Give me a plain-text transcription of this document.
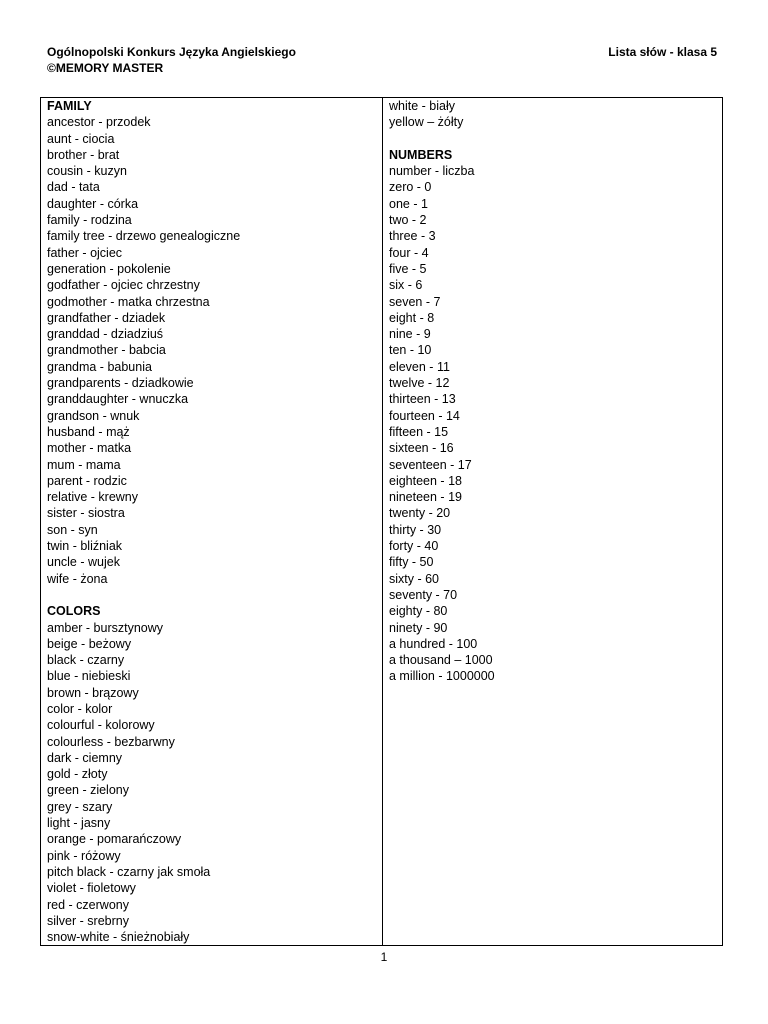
Ogólnopolski Konkurs Języka Angielskiego
©MEMORY MASTER
Lista słów - klasa 5
FAMILY
ancestor - przodek
aunt - ciocia
brother - brat
cousin - kuzyn
dad - tata
daughter - córka
family - rodzina
family tree - drzewo genealogiczne
father - ojciec
generation - pokolenie
godfather - ojciec chrzestny
godmother - matka chrzestna
grandfather - dziadek
granddad - dziadziuś
grandmother - babcia
grandma - babunia
grandparents - dziadkowie
granddaughter - wnuczka
grandson - wnuk
husband - mąż
mother - matka
mum - mama
parent - rodzic
relative - krewny
sister - siostra
son - syn
twin - bliźniak
uncle - wujek
wife - żona
COLORS
amber - bursztynowy
beige - beżowy
black - czarny
blue - niebieski
brown - brązowy
color - kolor
colourful - kolorowy
colourless - bezbarwny
dark - ciemny
gold - złoty
green - zielony
grey - szary
light - jasny
orange - pomarańczowy
pink - różowy
pitch black - czarny jak smoła
violet - fioletowy
red - czerwony
silver - srebrny
snow-white - śnieżnobiały
white - biały
yellow – żółty
NUMBERS
number - liczba
zero - 0
one - 1
two - 2
three - 3
four - 4
five - 5
six - 6
seven - 7
eight - 8
nine - 9
ten - 10
eleven - 11
twelve - 12
thirteen - 13
fourteen - 14
fifteen - 15
sixteen - 16
seventeen - 17
eighteen - 18
nineteen - 19
twenty - 20
thirty - 30
forty - 40
fifty - 50
sixty - 60
seventy - 70
eighty - 80
ninety - 90
a hundred - 100
a thousand – 1000
a million - 1000000
1
